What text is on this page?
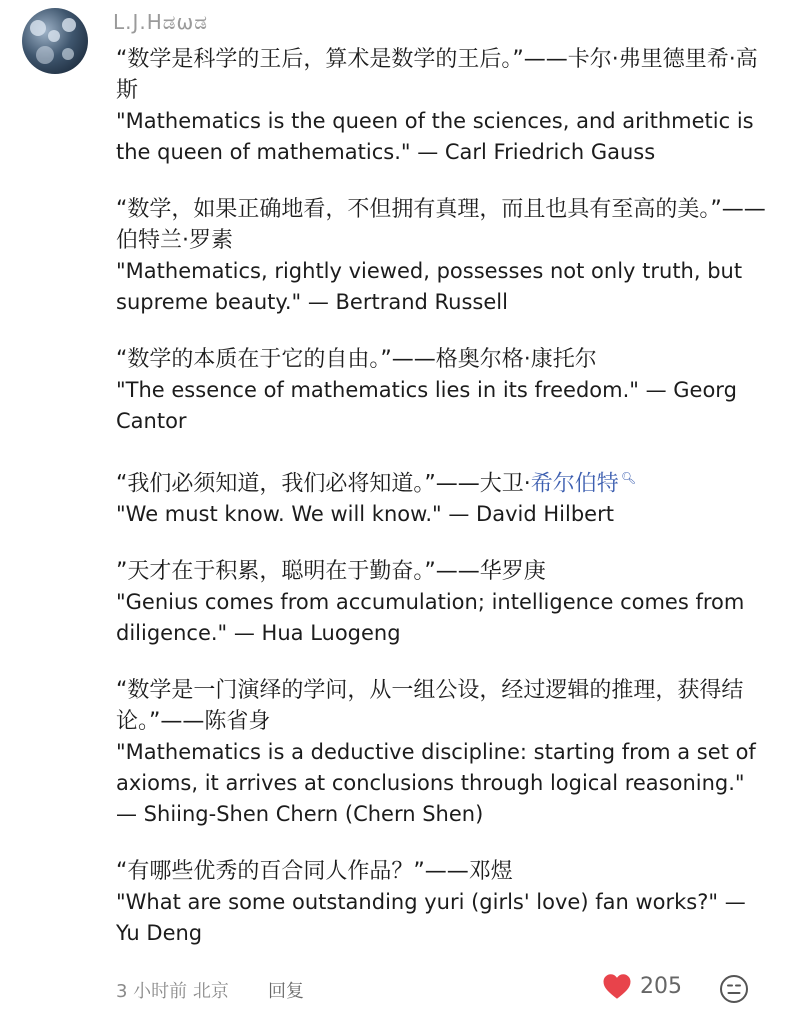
L.J.Hಡωಡ
“数学是科学的王后，算术是数学的王后。”——卡尔·弗里德里希·高斯
"Mathematics is the queen of the sciences, and arithmetic is the queen of mathematics." — Carl Friedrich Gauss
“数学，如果正确地看，不但拥有真理，而且也具有至高的美。”——伯特兰·罗素
"Mathematics, rightly viewed, possesses not only truth, but supreme beauty." — Bertrand Russell
“数学的本质在于它的自由。”——格奥尔格·康托尔
"The essence of mathematics lies in its freedom." — Georg Cantor
“我们必须知道，我们必将知道。”——大卫·希尔伯特 🔍︎
"We must know. We will know." — David Hilbert
”天才在于积累，聪明在于勤奋。”——华罗庚
"Genius comes from accumulation; intelligence comes from diligence." — Hua Luogeng
“数学是一门演绎的学问，从一组公设，经过逻辑的推理，获得结论。”——陈省身
"Mathematics is a deductive discipline: starting from a set of axioms, it arrives at conclusions through logical reasoning." — Shiing-Shen Chern (Chern Shen)
“有哪些优秀的百合同人作品？”——邓煜
"What are some outstanding yuri (girls' love) fan works?" — Yu Deng
3 小时前 北京 回复	205
